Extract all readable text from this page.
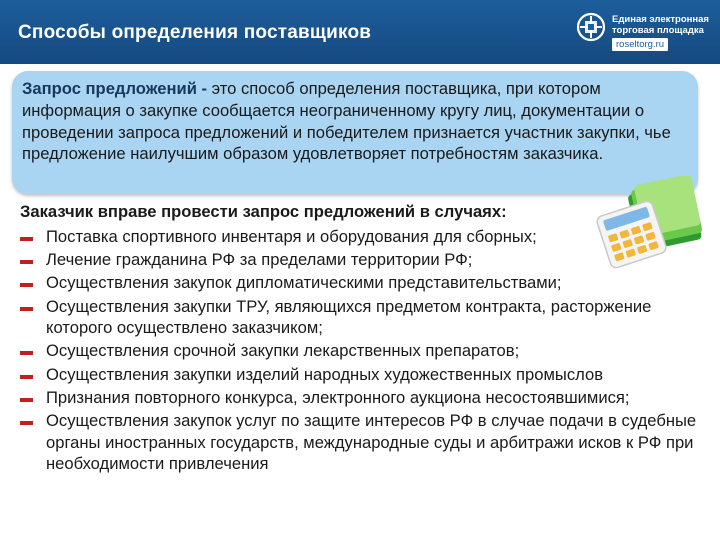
Способы определения поставщиков
Единая электронная
торговая площадка
roseltorg.ru
Запрос предложений - это способ определения поставщика, при котором информация о закупке сообщается неограниченному кругу лиц, документации о проведении запроса предложений и победителем признается участник закупки, чье предложение наилучшим образом удовлетворяет потребностям заказчика.
Заказчик вправе провести запрос предложений в случаях:
Поставка спортивного инвентаря и оборудования для сборных;
Лечение гражданина РФ за пределами территории РФ;
Осуществления закупок дипломатическими представительствами;
Осуществления закупки ТРУ, являющихся предметом контракта, расторжение которого осуществлено заказчиком;
Осуществления срочной закупки лекарственных препаратов;
Осуществления закупки изделий народных художественных промыслов
Признания повторного конкурса, электронного аукциона несостоявшимися;
Осуществления закупок услуг по защите интересов РФ в случае подачи в судебные органы иностранных государств, международные суды и арбитражи исков к РФ при необходимости привлечения
